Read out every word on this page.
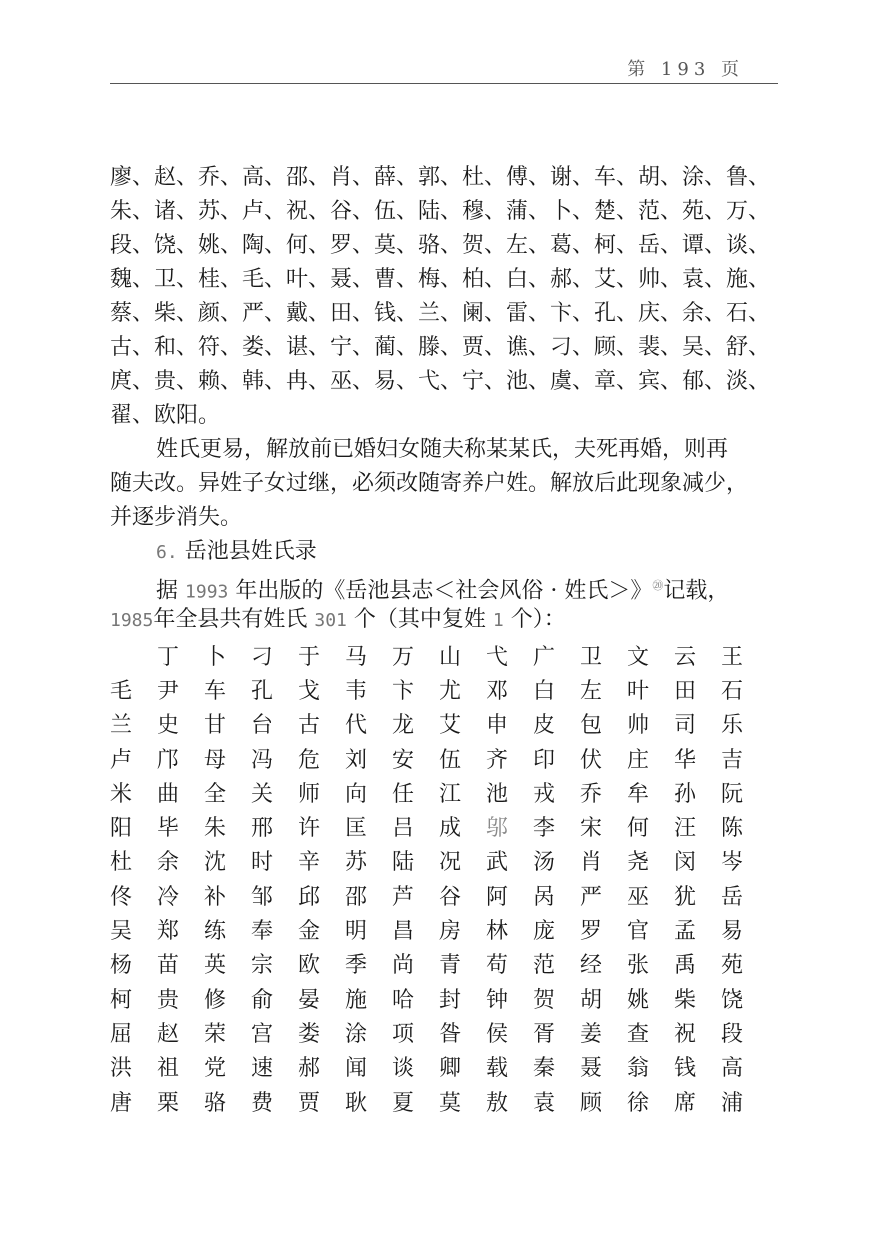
第 193 页
廖、赵、乔、高、邵、肖、薛、郭、杜、傅、谢、车、胡、涂、鲁、
朱、诸、苏、卢、祝、谷、伍、陆、穆、蒲、卜、楚、范、苑、万、
段、饶、姚、陶、何、罗、莫、骆、贺、左、葛、柯、岳、谭、谈、
魏、卫、桂、毛、叶、聂、曹、梅、柏、白、郝、艾、帅、袁、施、
蔡、柴、颜、严、戴、田、钱、兰、阑、雷、卞、孔、庆、余、石、
古、和、符、娄、谌、宁、蔺、滕、贾、谯、刁、顾、裴、吴、舒、
庹、贵、赖、韩、冉、巫、易、弋、宁、池、虞、章、宾、郁、淡、
翟、欧阳。
姓氏更易，解放前已婚妇女随夫称某某氏，夫死再婚，则再
随夫改。异姓子女过继，必须改随寄养户姓。解放后此现象减少，
并逐步消失。
6. 岳池县姓氏录
据 1993 年出版的《岳池县志＜社会风俗 · 姓氏＞》⑳记载，
1985年全县共有姓氏 301 个（其中复姓 1 个）：
丁	卜	刁	于	马	万	山	弋	广	卫	文	云	王
毛	尹	车	孔	戈	韦	卞	尤	邓	白	左	叶	田	石
兰	史	甘	台	古	代	龙	艾	申	皮	包	帅	司	乐
卢	邝	母	冯	危	刘	安	伍	齐	印	伏	庄	华	吉
米	曲	全	关	师	向	任	江	池	戎	乔	牟	孙	阮
阳	毕	朱	邢	许	匡	吕	成	邬	李	宋	何	汪	陈
杜	余	沈	时	辛	苏	陆	况	武	汤	肖	尧	闵	岑
佟	冷	补	邹	邱	邵	芦	谷	阿	呙	严	巫	犹	岳
吴	郑	练	奉	金	明	昌	房	林	庞	罗	官	孟	易
杨	苗	英	宗	欧	季	尚	青	苟	范	经	张	禹	苑
柯	贵	修	俞	晏	施	哈	封	钟	贺	胡	姚	柴	饶
屈	赵	荣	宫	娄	涂	项	昝	侯	胥	姜	查	祝	段
洪	祖	党	速	郝	闻	谈	卿	载	秦	聂	翁	钱	高
唐	栗	骆	费	贾	耿	夏	莫	敖	袁	顾	徐	席	浦
